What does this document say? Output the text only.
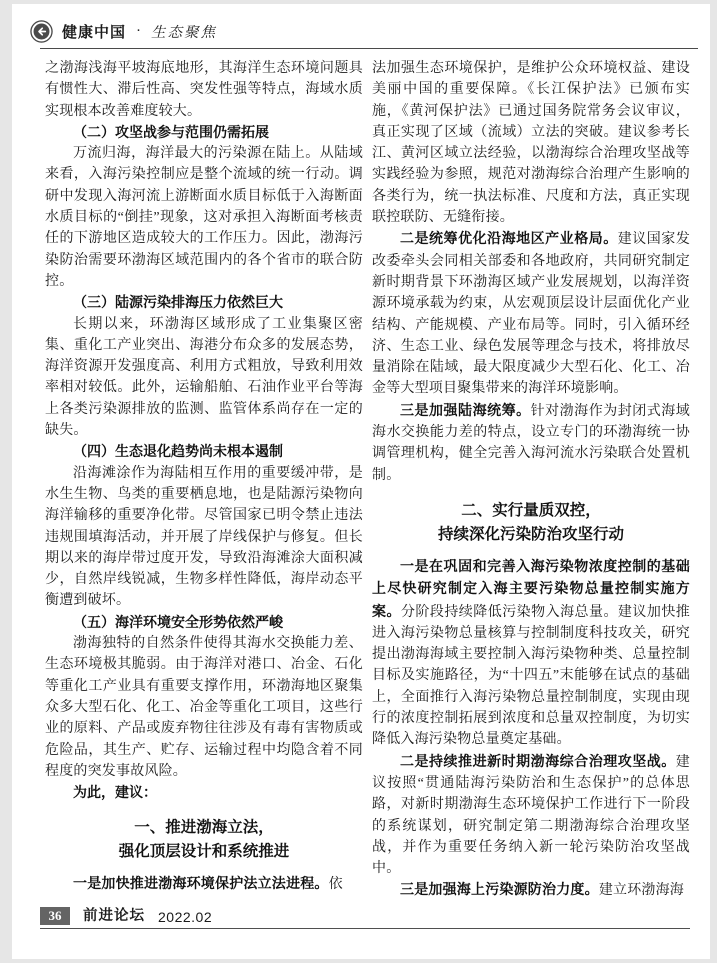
健康中国 · 生态聚焦

之渤海浅海平坡海底地形，其海洋生态环境问题具有惯性大、滞后性高、突发性强等特点，海域水质实现根本改善难度较大。

（二）攻坚战参与范围仍需拓展

万流归海，海洋最大的污染源在陆上。从陆域来看，入海污染控制应是整个流域的统一行动。调研中发现入海河流上游断面水质目标低于入海断面水质目标的“倒挂”现象，这对承担入海断面考核责任的下游地区造成较大的工作压力。因此，渤海污染防治需要环渤海区域范围内的各个省市的联合防控。

（三）陆源污染排海压力依然巨大

长期以来，环渤海区域形成了工业集聚区密集、重化工产业突出、海港分布众多的发展态势，海洋资源开发强度高、利用方式粗放，导致利用效率相对较低。此外，运输船舶、石油作业平台等海上各类污染源排放的监测、监管体系尚存在一定的缺失。

（四）生态退化趋势尚未根本遏制

沿海滩涂作为海陆相互作用的重要缓冲带，是水生生物、鸟类的重要栖息地，也是陆源污染物向海洋输移的重要净化带。尽管国家已明令禁止违法违规围填海活动，并开展了岸线保护与修复。但长期以来的海岸带过度开发，导致沿海滩涂大面积减少，自然岸线锐减，生物多样性降低，海岸动态平衡遭到破坏。

（五）海洋环境安全形势依然严峻

渤海独特的自然条件使得其海水交换能力差、生态环境极其脆弱。由于海洋对港口、冶金、石化等重化工产业具有重要支撑作用，环渤海地区聚集众多大型石化、化工、冶金等重化工项目，这些行业的原料、产品或废弃物往往涉及有毒有害物质或危险品，其生产、贮存、运输过程中均隐含着不同程度的突发事故风险。

为此，建议：

一、推进渤海立法，
强化顶层设计和系统推进

一是加快推进渤海环境保护法立法进程。依

法加强生态环境保护，是维护公众环境权益、建设美丽中国的重要保障。《长江保护法》已颁布实施，《黄河保护法》已通过国务院常务会议审议，真正实现了区域（流域）立法的突破。建议参考长江、黄河区域立法经验，以渤海综合治理攻坚战等实践经验为参照，规范对渤海综合治理产生影响的各类行为，统一执法标准、尺度和方法，真正实现联控联防、无缝衔接。

二是统筹优化沿海地区产业格局。建议国家发改委牵头会同相关部委和各地政府，共同研究制定新时期背景下环渤海区域产业发展规划，以海洋资源环境承载为约束，从宏观顶层设计层面优化产业结构、产能规模、产业布局等。同时，引入循环经济、生态工业、绿色发展等理念与技术，将排放尽量消除在陆域，最大限度减少大型石化、化工、冶金等大型项目聚集带来的海洋环境影响。

三是加强陆海统筹。针对渤海作为封闭式海域海水交换能力差的特点，设立专门的环渤海统一协调管理机构，健全完善入海河流水污染联合处置机制。

二、实行量质双控，
持续深化污染防治攻坚行动

一是在巩固和完善入海污染物浓度控制的基础上尽快研究制定入海主要污染物总量控制实施方案。分阶段持续降低污染物入海总量。建议加快推进入海污染物总量核算与控制制度科技攻关，研究提出渤海海域主要控制入海污染物种类、总量控制目标及实施路径，为“十四五”末能够在试点的基础上，全面推行入海污染物总量控制制度，实现由现行的浓度控制拓展到浓度和总量双控制度，为切实降低入海污染物总量奠定基础。

二是持续推进新时期渤海综合治理攻坚战。建议按照“贯通陆海污染防治和生态保护”的总体思路，对新时期渤海生态环境保护工作进行下一阶段的系统谋划，研究制定第二期渤海综合治理攻坚战，并作为重要任务纳入新一轮污染防治攻坚战中。

三是加强海上污染源防治力度。建立环渤海海

36	前进论坛 2022.02
